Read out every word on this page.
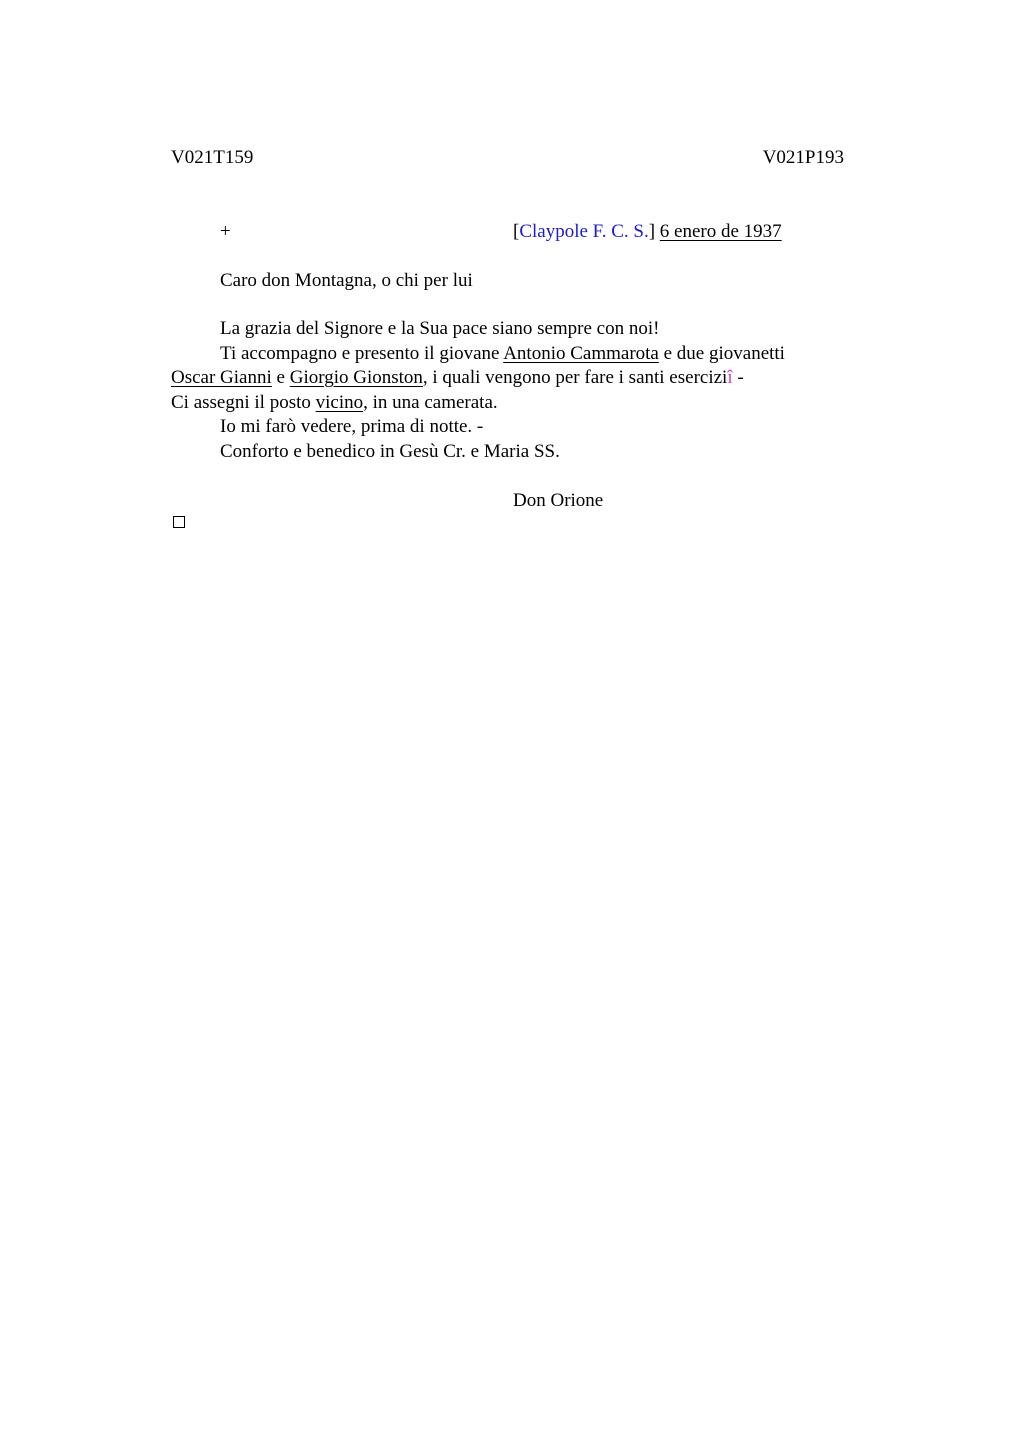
V021T159	V021P193
+	[Claypole F. C. S.] 6 enero de 1937
Caro don Montagna, o chi per lui
La grazia del Signore e la Sua pace siano sempre con noi!
Ti accompagno e presento il giovane Antonio Cammarota e due giovanetti
Oscar Gianni e Giorgio Gionston, i quali vengono per fare i santi eserciziî -
Ci assegni il posto vicino, in una camerata.
Io mi farò vedere, prima di notte. -
Conforto e benedico in Gesù Cr. e Maria SS.
Don Orione
